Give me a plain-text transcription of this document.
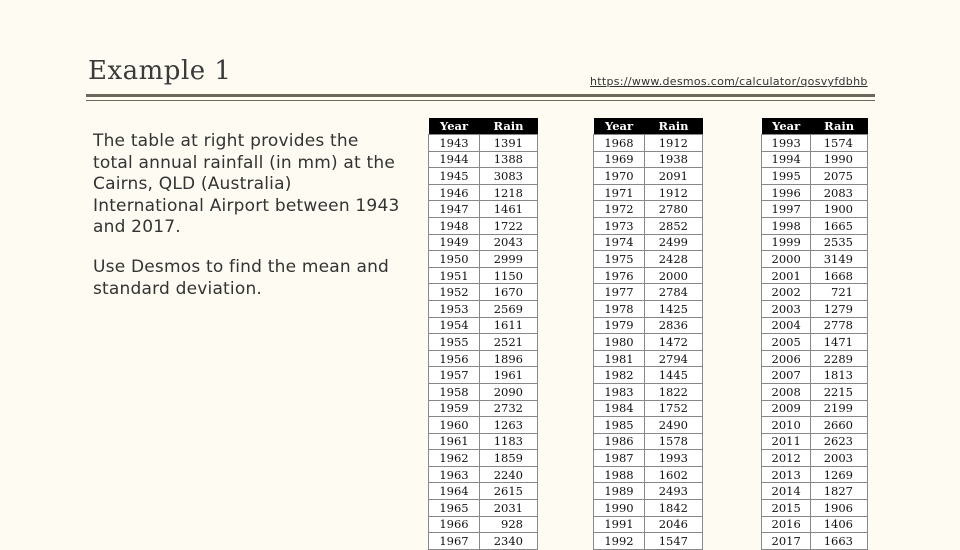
Example 1	https://www.desmos.com/calculator/qosvyfdbhb
The table at right provides the total annual rainfall (in mm) at the Cairns, QLD (Australia) International Airport between 1943 and 2017.
Use Desmos to find the mean and standard deviation.
Year	Rain
1943	1391
1944	1388
1945	3083
1946	1218
1947	1461
1948	1722
1949	2043
1950	2999
1951	1150
1952	1670
1953	2569
1954	1611
1955	2521
1956	1896
1957	1961
1958	2090
1959	2732
1960	1263
1961	1183
1962	1859
1963	2240
1964	2615
1965	2031
1966	928
1967	2340
Year	Rain
1968	1912
1969	1938
1970	2091
1971	1912
1972	2780
1973	2852
1974	2499
1975	2428
1976	2000
1977	2784
1978	1425
1979	2836
1980	1472
1981	2794
1982	1445
1983	1822
1984	1752
1985	2490
1986	1578
1987	1993
1988	1602
1989	2493
1990	1842
1991	2046
1992	1547
Year	Rain
1993	1574
1994	1990
1995	2075
1996	2083
1997	1900
1998	1665
1999	2535
2000	3149
2001	1668
2002	721
2003	1279
2004	2778
2005	1471
2006	2289
2007	1813
2008	2215
2009	2199
2010	2660
2011	2623
2012	2003
2013	1269
2014	1827
2015	1906
2016	1406
2017	1663
